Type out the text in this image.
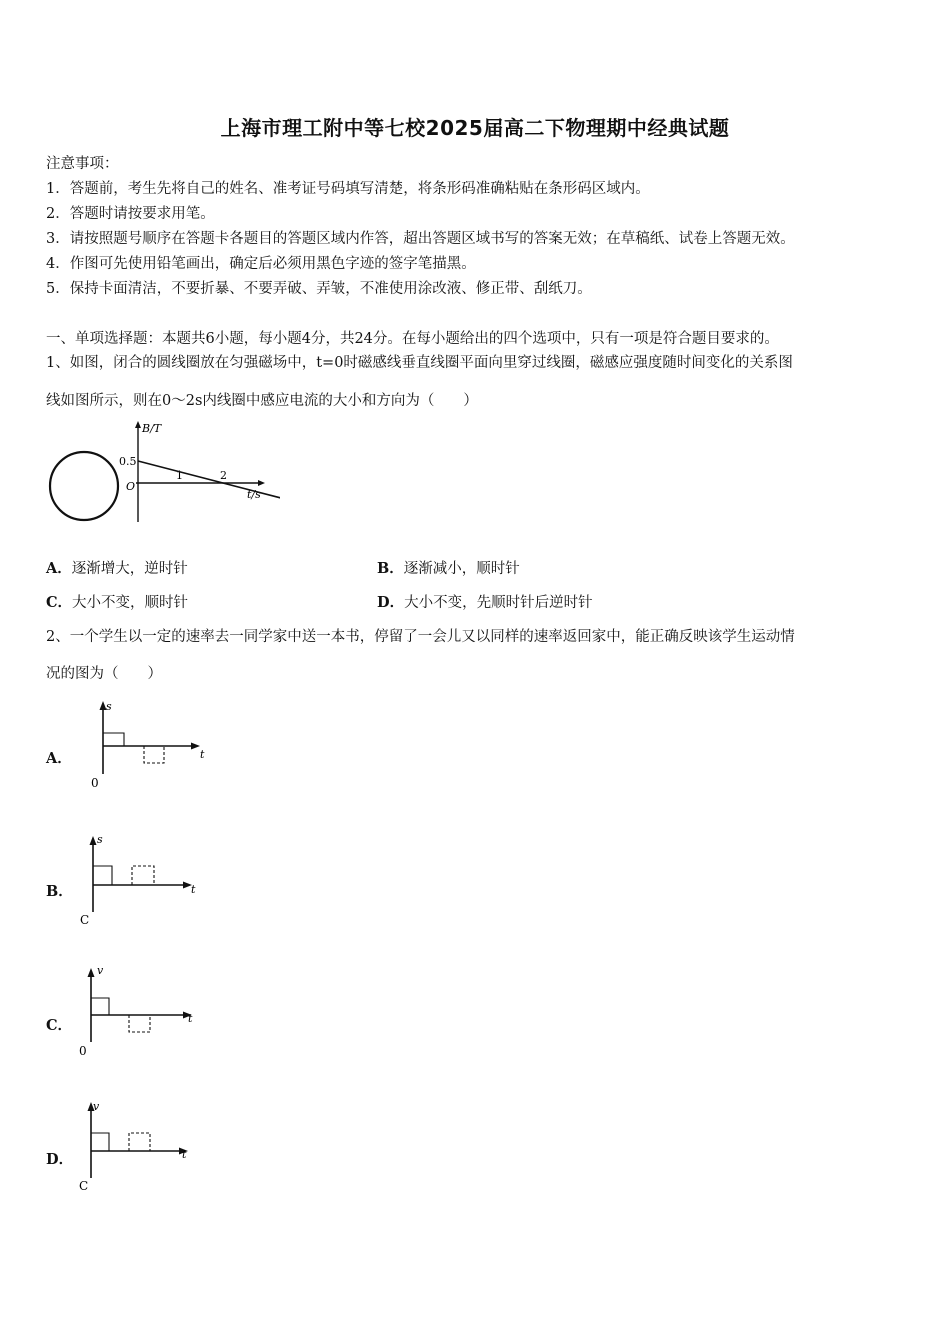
上海市理工附中等七校2025届高二下物理期中经典试题
注意事项：
1．答题前，考生先将自己的姓名、准考证号码填写清楚，将条形码准确粘贴在条形码区域内。
2．答题时请按要求用笔。
3．请按照题号顺序在答题卡各题目的答题区域内作答，超出答题区域书写的答案无效；在草稿纸、试卷上答题无效。
4．作图可先使用铅笔画出，确定后必须用黑色字迹的签字笔描黑。
5．保持卡面清洁，不要折暴、不要弄破、弄皱，不准使用涂改液、修正带、刮纸刀。
一、单项选择题：本题共6小题，每小题4分，共24分。在每小题给出的四个选项中，只有一项是符合题目要求的。
1、如图，闭合的圆线圈放在匀强磁场中，t=0时磁感线垂直线圈平面向里穿过线圈，磁感应强度随时间变化的关系图
线如图所示，则在0～2s内线圈中感应电流的大小和方向为（　　）
B/T
t/s
0.5
O
1	2
A．逐渐增大，逆时针	B．逐渐减小，顺时针
C．大小不变，顺时针	D．大小不变，先顺时针后逆时针
2、一个学生以一定的速率去一同学家中送一本书，停留了一会儿又以同样的速率返回家中，能正确反映该学生运动情
况的图为（　　）
A．
s
t
0
B．
s
t
C
C．
v
t
0
D．
v
t
C
